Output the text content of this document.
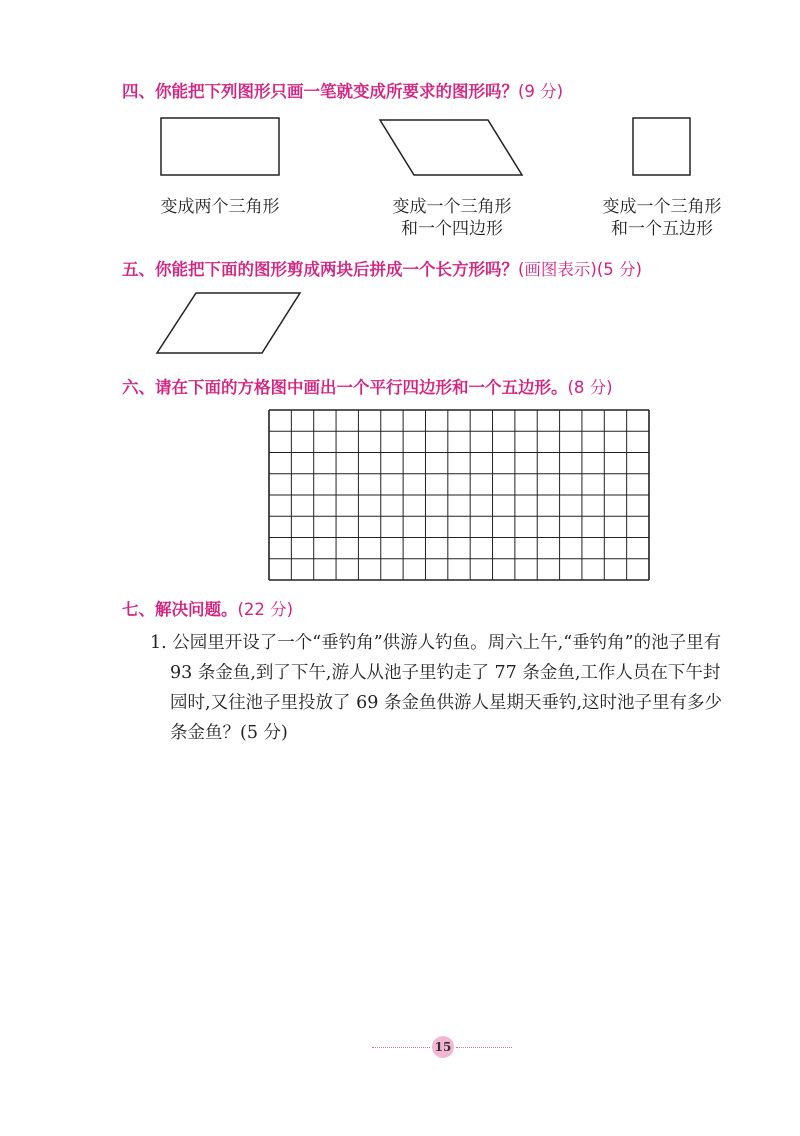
四、你能把下列图形只画一笔就变成所要求的图形吗？(9 分)
变成两个三角形	变成一个三角形
和一个四边形
变成一个三角形
和一个五边形
五、你能把下面的图形剪成两块后拼成一个长方形吗？(画图表示)(5 分)
六、请在下面的方格图中画出一个平行四边形和一个五边形。(8 分)
七、解决问题。(22 分)
1. 公园里开设了一个“垂钓角”供游人钓鱼。周六上午,“垂钓角”的池子里有
93 条金鱼,到了下午,游人从池子里钓走了 77 条金鱼,工作人员在下午封
园时,又往池子里投放了 69 条金鱼供游人星期天垂钓,这时池子里有多少
条金鱼？(5 分)
15
